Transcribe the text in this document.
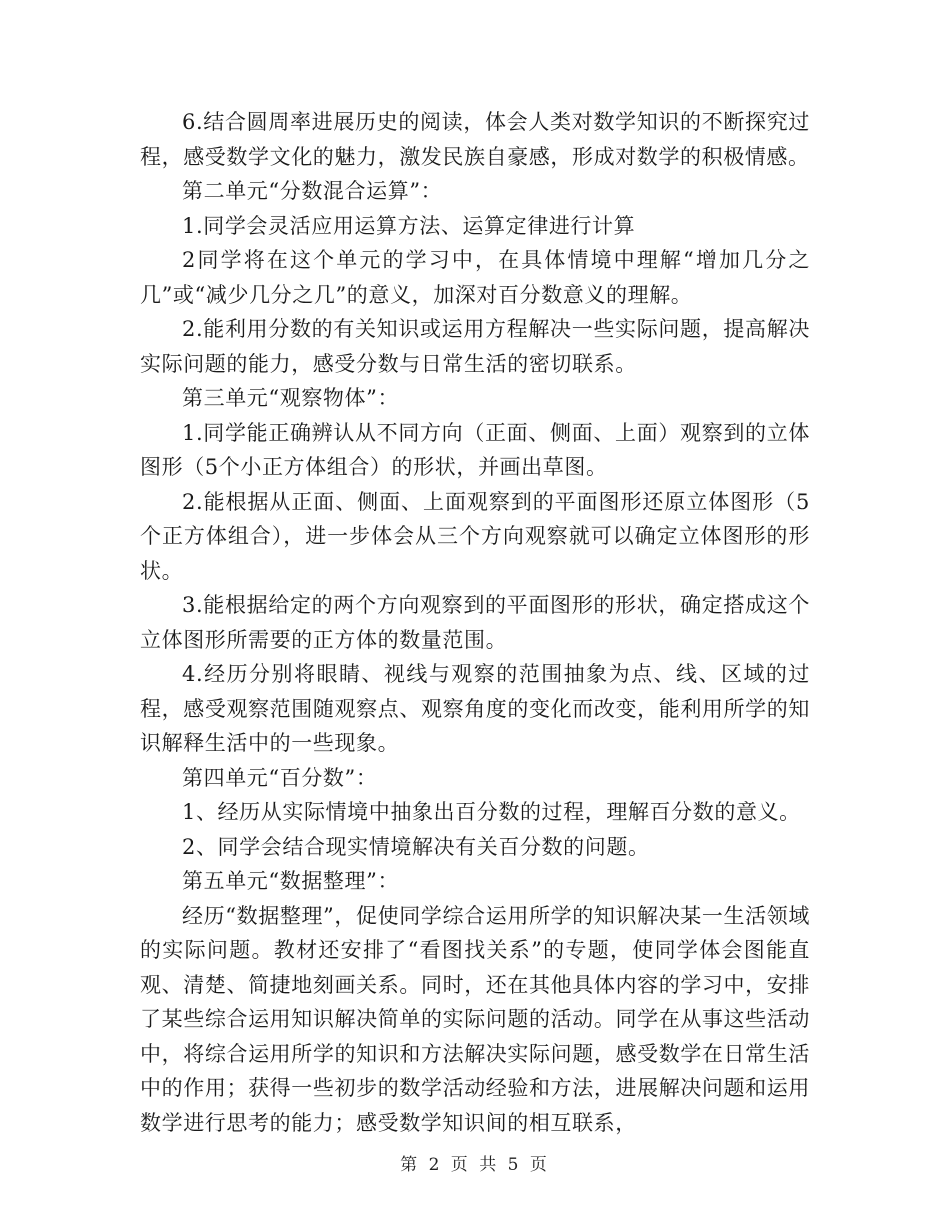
6.结合圆周率进展历史的阅读，体会人类对数学知识的不断探究过程，感受数学文化的魅力，激发民族自豪感，形成对数学的积极情感。

第二单元“分数混合运算”：

1.同学会灵活应用运算方法、运算定律进行计算

2同学将在这个单元的学习中，在具体情境中理解“增加几分之几”或“减少几分之几”的意义，加深对百分数意义的理解。

2.能利用分数的有关知识或运用方程解决一些实际问题，提高解决实际问题的能力，感受分数与日常生活的密切联系。

第三单元“观察物体”：

1.同学能正确辨认从不同方向（正面、侧面、上面）观察到的立体图形（5个小正方体组合）的形状，并画出草图。

2.能根据从正面、侧面、上面观察到的平面图形还原立体图形（5个正方体组合），进一步体会从三个方向观察就可以确定立体图形的形状。

3.能根据给定的两个方向观察到的平面图形的形状，确定搭成这个立体图形所需要的正方体的数量范围。

4.经历分别将眼睛、视线与观察的范围抽象为点、线、区域的过程，感受观察范围随观察点、观察角度的变化而改变，能利用所学的知识解释生活中的一些现象。

第四单元“百分数”：

1、经历从实际情境中抽象出百分数的过程，理解百分数的意义。

2、同学会结合现实情境解决有关百分数的问题。

第五单元“数据整理”：

经历“数据整理”，促使同学综合运用所学的知识解决某一生活领域的实际问题。教材还安排了“看图找关系”的专题，使同学体会图能直观、清楚、简捷地刻画关系。同时，还在其他具体内容的学习中，安排了某些综合运用知识解决简单的实际问题的活动。同学在从事这些活动中，将综合运用所学的知识和方法解决实际问题，感受数学在日常生活中的作用；获得一些初步的数学活动经验和方法，进展解决问题和运用数学进行思考的能力；感受数学知识间的相互联系，

第 2 页 共 5 页
